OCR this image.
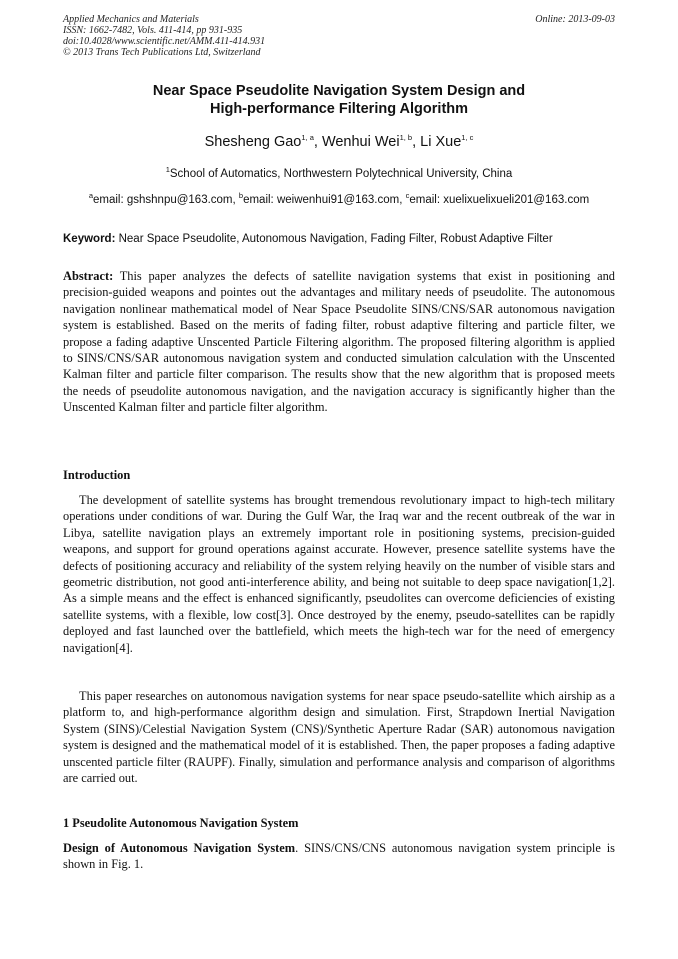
Applied Mechanics and Materials
ISSN: 1662-7482, Vols. 411-414, pp 931-935
doi:10.4028/www.scientific.net/AMM.411-414.931
© 2013 Trans Tech Publications Ltd, Switzerland
Online: 2013-09-03
Near Space Pseudolite Navigation System Design and
High-performance Filtering Algorithm
Shesheng Gao$^{1, a}$, Wenhui Wei$^{1, b}$, Li Xue$^{1, c}$
$^1$School of Automatics, Northwestern Polytechnical University, China
$^a$email: gshshnpu@163.com, $^b$email: weiwenhui91@163.com, $^c$email: xuelixuelixueli201@163.com
Keyword: Near Space Pseudolite, Autonomous Navigation, Fading Filter, Robust Adaptive Filter
Abstract: This paper analyzes the defects of satellite navigation systems that exist in positioning and precision-guided weapons and pointes out the advantages and military needs of pseudolite. The autonomous navigation nonlinear mathematical model of Near Space Pseudolite SINS/CNS/SAR autonomous navigation system is established. Based on the merits of fading filter, robust adaptive filtering and particle filter, we propose a fading adaptive Unscented Particle Filtering algorithm. The proposed filtering algorithm is applied to SINS/CNS/SAR autonomous navigation system and conducted simulation calculation with the Unscented Kalman filter and particle filter comparison. The results show that the new algorithm that is proposed meets the needs of pseudolite autonomous navigation, and the navigation accuracy is significantly higher than the Unscented Kalman filter and particle filter algorithm.
Introduction
The development of satellite systems has brought tremendous revolutionary impact to high-tech military operations under conditions of war. During the Gulf War, the Iraq war and the recent outbreak of the war in Libya, satellite navigation plays an extremely important role in positioning systems, precision-guided weapons, and support for ground operations against accurate. However, presence satellite systems have the defects of positioning accuracy and reliability of the system relying heavily on the number of visible stars and geometric distribution, not good anti-interference ability, and being not suitable to deep space navigation[1,2]. As a simple means and the effect is enhanced significantly, pseudolites can overcome deficiencies of existing satellite systems, with a flexible, low cost[3]. Once destroyed by the enemy, pseudo-satellites can be rapidly deployed and fast launched over the battlefield, which meets the high-tech war for the need of emergency navigation[4].
This paper researches on autonomous navigation systems for near space pseudo-satellite which airship as a platform to, and high-performance algorithm design and simulation. First, Strapdown Inertial Navigation System (SINS)/Celestial Navigation System (CNS)/Synthetic Aperture Radar (SAR) autonomous navigation system is designed and the mathematical model of it is established. Then, the paper proposes a fading adaptive unscented particle filter (RAUPF). Finally, simulation and performance analysis and comparison of algorithms are carried out.
1 Pseudolite Autonomous Navigation System
Design of Autonomous Navigation System. SINS/CNS/CNS autonomous navigation system principle is shown in Fig. 1.
